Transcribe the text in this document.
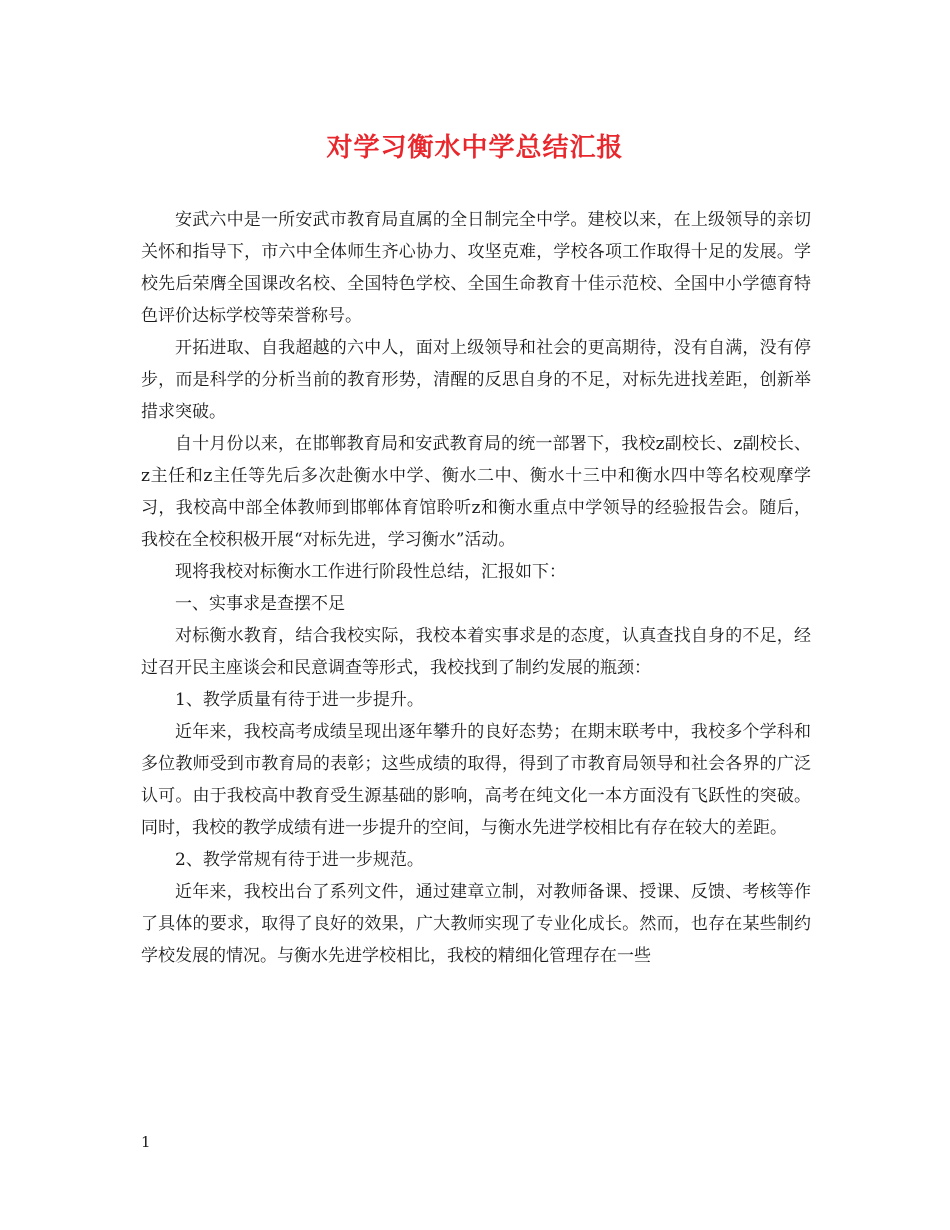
对学习衡水中学总结汇报

安武六中是一所安武市教育局直属的全日制完全中学。建校以来，在上级领导的亲切关怀和指导下，市六中全体师生齐心协力、攻坚克难，学校各项工作取得十足的发展。学校先后荣膺全国课改名校、全国特色学校、全国生命教育十佳示范校、全国中小学德育特色评价达标学校等荣誉称号。

开拓进取、自我超越的六中人，面对上级领导和社会的更高期待，没有自满，没有停步，而是科学的分析当前的教育形势，清醒的反思自身的不足，对标先进找差距，创新举措求突破。

自十月份以来，在邯郸教育局和安武教育局的统一部署下，我校z副校长、z副校长、z主任和z主任等先后多次赴衡水中学、衡水二中、衡水十三中和衡水四中等名校观摩学习，我校高中部全体教师到邯郸体育馆聆听z和衡水重点中学领导的经验报告会。随后，我校在全校积极开展“对标先进，学习衡水”活动。

现将我校对标衡水工作进行阶段性总结，汇报如下：

一、实事求是查摆不足

对标衡水教育，结合我校实际，我校本着实事求是的态度，认真查找自身的不足，经过召开民主座谈会和民意调查等形式，我校找到了制约发展的瓶颈：

1、教学质量有待于进一步提升。

近年来，我校高考成绩呈现出逐年攀升的良好态势；在期末联考中，我校多个学科和多位教师受到市教育局的表彰；这些成绩的取得，得到了市教育局领导和社会各界的广泛认可。由于我校高中教育受生源基础的影响，高考在纯文化一本方面没有飞跃性的突破。同时，我校的教学成绩有进一步提升的空间，与衡水先进学校相比有存在较大的差距。

2、教学常规有待于进一步规范。

近年来，我校出台了系列文件，通过建章立制，对教师备课、授课、反馈、考核等作了具体的要求，取得了良好的效果，广大教师实现了专业化成长。然而，也存在某些制约学校发展的情况。与衡水先进学校相比，我校的精细化管理存在一些

1
